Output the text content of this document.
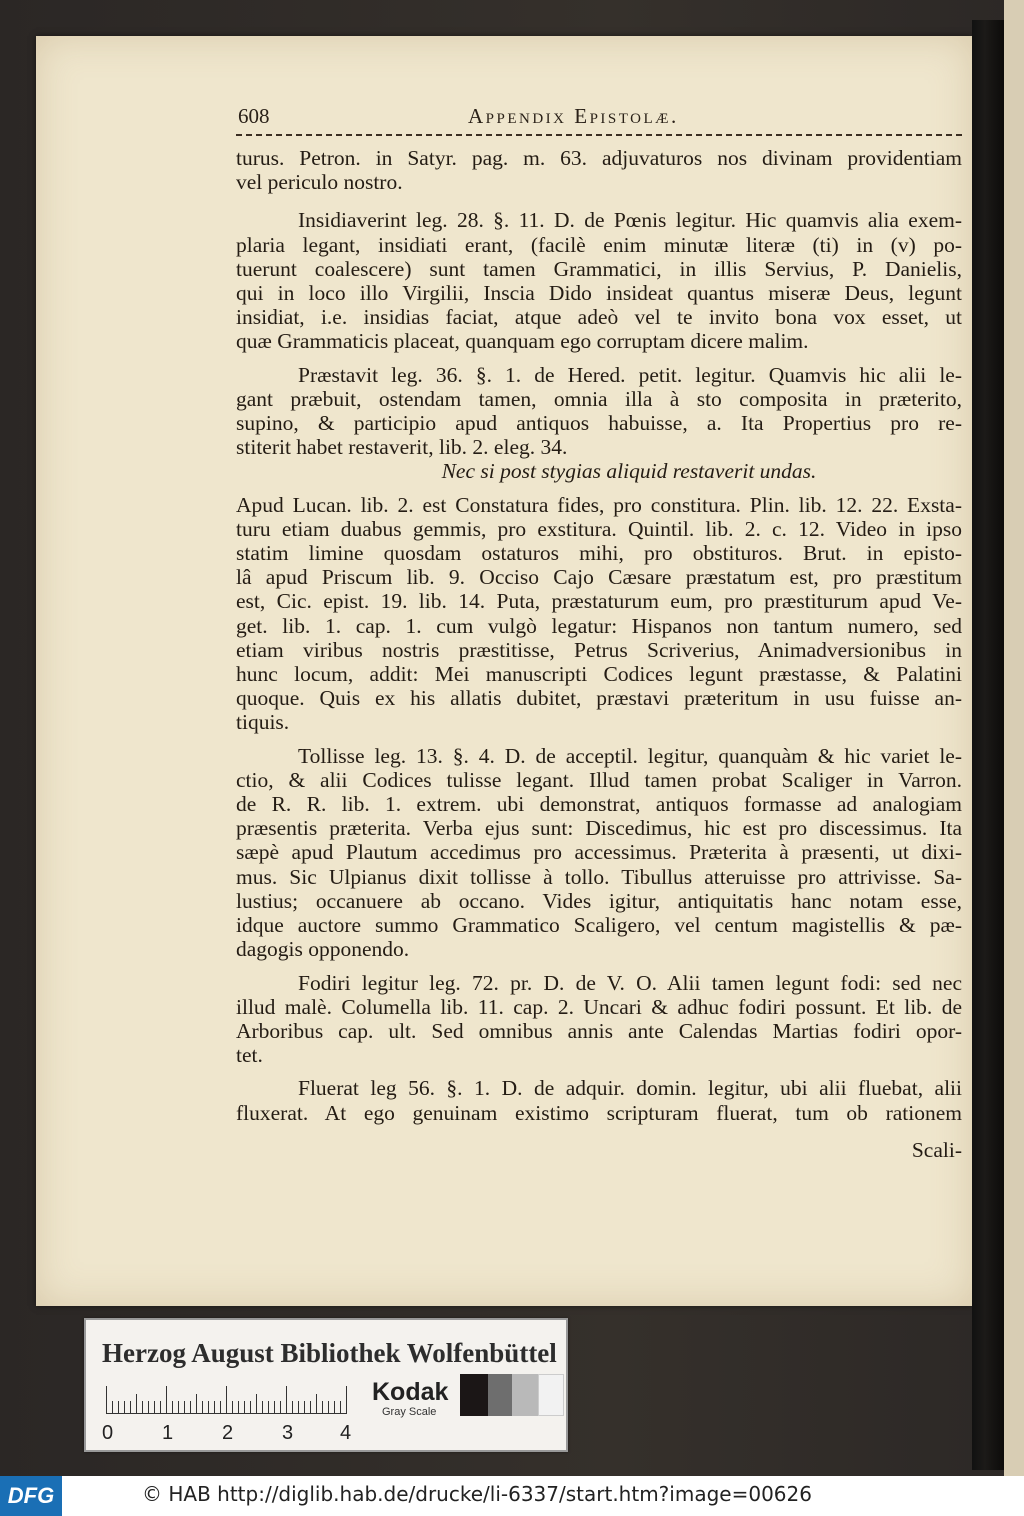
608	Appendix Epistolæ.
turus. Petron. in Satyr. pag. m. 63. adjuvaturos nos divinam providentiam
vel periculo nostro.
Insidiaverint leg. 28. §. 11. D. de Pœnis legitur. Hic quamvis alia exem-
plaria legant, insidiati erant, (facilè enim minutæ literæ (ti) in (v) po-
tuerunt coalescere) sunt tamen Grammatici, in illis Servius, P. Danielis,
qui in loco illo Virgilii, Inscia Dido insideat quantus miseræ Deus, legunt
insidiat, i.e. insidias faciat, atque adeò vel te invito bona vox esset, ut
quæ Grammaticis placeat, quanquam ego corruptam dicere malim.
Præstavit leg. 36. §. 1. de Hered. petit. legitur. Quamvis hic alii le-
gant præbuit, ostendam tamen, omnia illa à sto composita in præterito,
supino, & participio apud antiquos habuisse, a. Ita Propertius pro re-
stiterit habet restaverit, lib. 2. eleg. 34.
Nec si post stygias aliquid restaverit undas.
Apud Lucan. lib. 2. est Constatura fides, pro constitura. Plin. lib. 12. 22. Exsta-
turu etiam duabus gemmis, pro exstitura. Quintil. lib. 2. c. 12. Video in ipso
statim limine quosdam ostaturos mihi, pro obstituros. Brut. in episto-
lâ apud Priscum lib. 9. Occiso Cajo Cæsare præstatum est, pro præstitum
est, Cic. epist. 19. lib. 14. Puta, præstaturum eum, pro præstiturum apud Ve-
get. lib. 1. cap. 1. cum vulgò legatur: Hispanos non tantum numero, sed
etiam viribus nostris præstitisse, Petrus Scriverius, Animadversionibus in
hunc locum, addit: Mei manuscripti Codices legunt præstasse, & Palatini
quoque. Quis ex his allatis dubitet, præstavi præteritum in usu fuisse an-
tiquis.
Tollisse leg. 13. §. 4. D. de acceptil. legitur, quanquàm & hic variet le-
ctio, & alii Codices tulisse legant. Illud tamen probat Scaliger in Varron.
de R. R. lib. 1. extrem. ubi demonstrat, antiquos formasse ad analogiam
præsentis præterita. Verba ejus sunt: Discedimus, hic est pro discessimus. Ita
sæpè apud Plautum accedimus pro accessimus. Præterita à præsenti, ut dixi-
mus. Sic Ulpianus dixit tollisse à tollo. Tibullus atteruisse pro attrivisse. Sa-
lustius; occanuere ab occano. Vides igitur, antiquitatis hanc notam esse,
idque auctore summo Grammatico Scaligero, vel centum magistellis & pæ-
dagogis opponendo.
Fodiri legitur leg. 72. pr. D. de V. O. Alii tamen legunt fodi: sed nec
illud malè. Columella lib. 11. cap. 2. Uncari & adhuc fodiri possunt. Et lib. de
Arboribus cap. ult. Sed omnibus annis ante Calendas Martias fodiri opor-
tet.
Fluerat leg 56. §. 1. D. de adquir. domin. legitur, ubi alii fluebat, alii
fluxerat. At ego genuinam existimo scripturam fluerat, tum ob rationem
Scali-
Herzog August Bibliothek Wolfenbüttel
0 1 2 3 4
Kodak
Gray Scale
DFG	© HAB http://diglib.hab.de/drucke/li-6337/start.htm?image=00626
